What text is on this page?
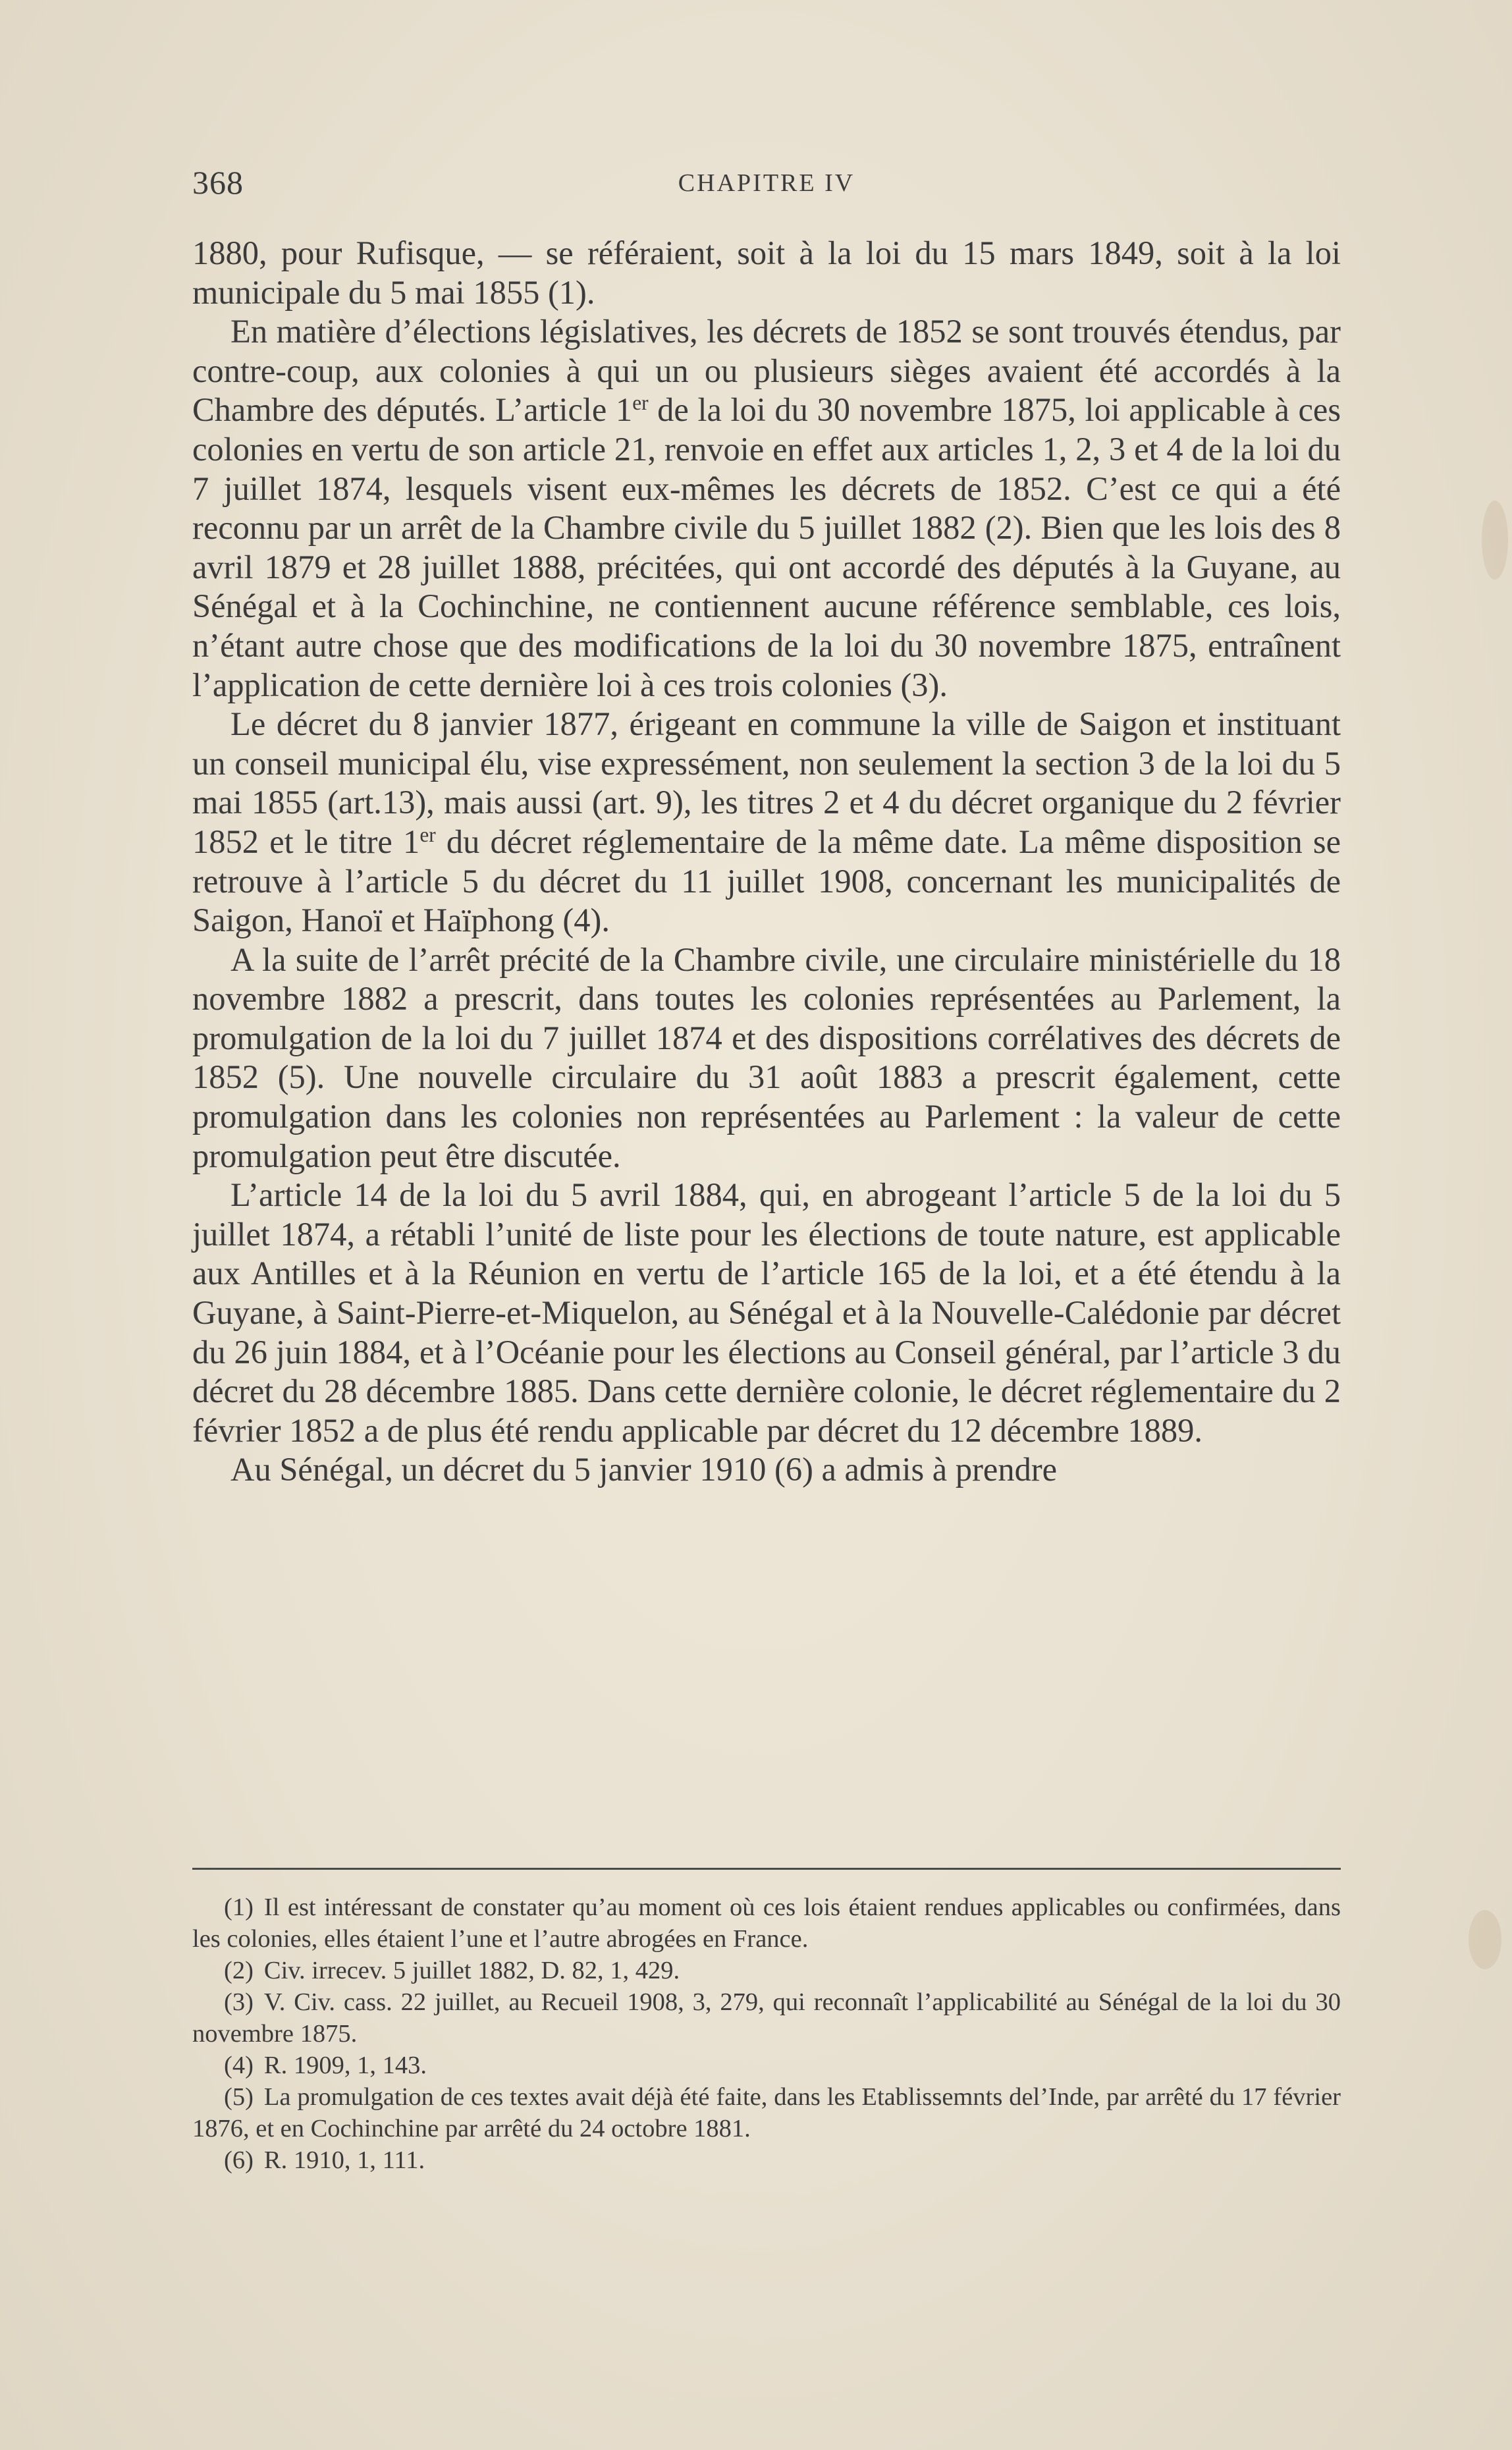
368	CHAPITRE IV

1880, pour Rufisque, — se référaient, soit à la loi du 15 mars 1849, soit à la loi municipale du 5 mai 1855 (1).

En matière d’élections législatives, les décrets de 1852 se sont trouvés étendus, par contre-coup, aux colonies à qui un ou plusieurs sièges avaient été accordés à la Chambre des députés. L’article 1er de la loi du 30 novembre 1875, loi applicable à ces colonies en vertu de son article 21, renvoie en effet aux articles 1, 2, 3 et 4 de la loi du 7 juillet 1874, lesquels visent eux-mêmes les décrets de 1852. C’est ce qui a été reconnu par un arrêt de la Chambre civile du 5 juillet 1882 (2). Bien que les lois des 8 avril 1879 et 28 juillet 1888, précitées, qui ont accordé des députés à la Guyane, au Sénégal et à la Cochinchine, ne contiennent aucune référence semblable, ces lois, n’étant autre chose que des modifications de la loi du 30 novembre 1875, entraînent l’application de cette dernière loi à ces trois colonies (3).

Le décret du 8 janvier 1877, érigeant en commune la ville de Saigon et instituant un conseil municipal élu, vise expressément, non seulement la section 3 de la loi du 5 mai 1855 (art.13), mais aussi (art. 9), les titres 2 et 4 du décret organique du 2 février 1852 et le titre 1er du décret réglementaire de la même date. La même disposition se retrouve à l’article 5 du décret du 11 juillet 1908, concernant les municipalités de Saigon, Hanoï et Haïphong (4).

A la suite de l’arrêt précité de la Chambre civile, une circulaire ministérielle du 18 novembre 1882 a prescrit, dans toutes les colonies représentées au Parlement, la promulgation de la loi du 7 juillet 1874 et des dispositions corrélatives des décrets de 1852 (5). Une nouvelle circulaire du 31 août 1883 a prescrit également, cette promulgation dans les colonies non représentées au Parlement : la valeur de cette promulgation peut être discutée.

L’article 14 de la loi du 5 avril 1884, qui, en abrogeant l’article 5 de la loi du 5 juillet 1874, a rétabli l’unité de liste pour les élections de toute nature, est applicable aux Antilles et à la Réunion en vertu de l’article 165 de la loi, et a été étendu à la Guyane, à Saint-Pierre-et-Miquelon, au Sénégal et à la Nouvelle-Calédonie par décret du 26 juin 1884, et à l’Océanie pour les élections au Conseil général, par l’article 3 du décret du 28 décembre 1885. Dans cette dernière colonie, le décret réglementaire du 2 février 1852 a de plus été rendu applicable par décret du 12 décembre 1889.

Au Sénégal, un décret du 5 janvier 1910 (6) a admis à prendre

(1) Il est intéressant de constater qu’au moment où ces lois étaient rendues applicables ou confirmées, dans les colonies, elles étaient l’une et l’autre abrogées en France.

(2) Civ. irrecev. 5 juillet 1882, D. 82, 1, 429.

(3) V. Civ. cass. 22 juillet, au Recueil 1908, 3, 279, qui reconnaît l’applicabilité au Sénégal de la loi du 30 novembre 1875.

(4) R. 1909, 1, 143.

(5) La promulgation de ces textes avait déjà été faite, dans les Etablissemnts del’Inde, par arrêté du 17 février 1876, et en Cochinchine par arrêté du 24 octobre 1881.

(6) R. 1910, 1, 111.
